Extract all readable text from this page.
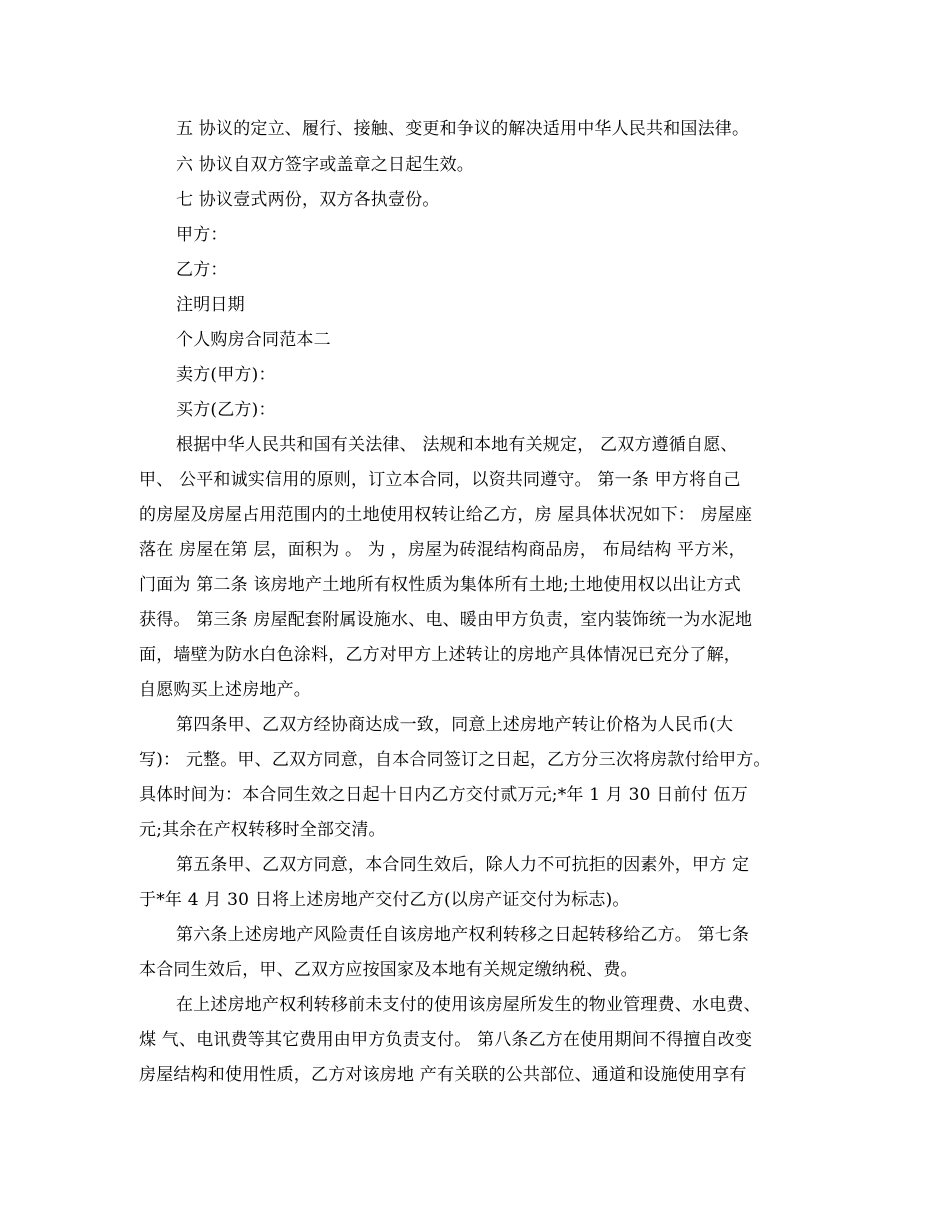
五 协议的定立、履行、接触、变更和争议的解决适用中华人民共和国法律。
六 协议自双方签字或盖章之日起生效。
七 协议壹式两份，双方各执壹份。
甲方：
乙方：
注明日期
个人购房合同范本二
卖方(甲方)：
买方(乙方)：
根据中华人民共和国有关法律、 法规和本地有关规定， 乙双方遵循自愿、
甲、 公平和诚实信用的原则，订立本合同，以资共同遵守。 第一条 甲方将自己
的房屋及房屋占用范围内的土地使用权转让给乙方，房 屋具体状况如下： 房屋座
落在 房屋在第 层，面积为 。 为 ，房屋为砖混结构商品房， 布局结构 平方米，
门面为 第二条 该房地产土地所有权性质为集体所有土地;土地使用权以出让方式
获得。 第三条 房屋配套附属设施水、电、暖由甲方负责，室内装饰统一为水泥地
面，墙壁为防水白色涂料，乙方对甲方上述转让的房地产具体情况已充分了解，
自愿购买上述房地产。
第四条甲、乙双方经协商达成一致，同意上述房地产转让价格为人民币(大
写)： 元整。甲、乙双方同意，自本合同签订之日起，乙方分三次将房款付给甲方。
具体时间为：本合同生效之日起十日内乙方交付贰万元;*年 1 月 30 日前付 伍万
元;其余在产权转移时全部交清。
第五条甲、乙双方同意，本合同生效后，除人力不可抗拒的因素外，甲方 定
于*年 4 月 30 日将上述房地产交付乙方(以房产证交付为标志)。
第六条上述房地产风险责任自该房地产权利转移之日起转移给乙方。 第七条
本合同生效后，甲、乙双方应按国家及本地有关规定缴纳税、费。
在上述房地产权利转移前未支付的使用该房屋所发生的物业管理费、水电费、
煤 气、电讯费等其它费用由甲方负责支付。 第八条乙方在使用期间不得擅自改变
房屋结构和使用性质，乙方对该房地 产有关联的公共部位、通道和设施使用享有
